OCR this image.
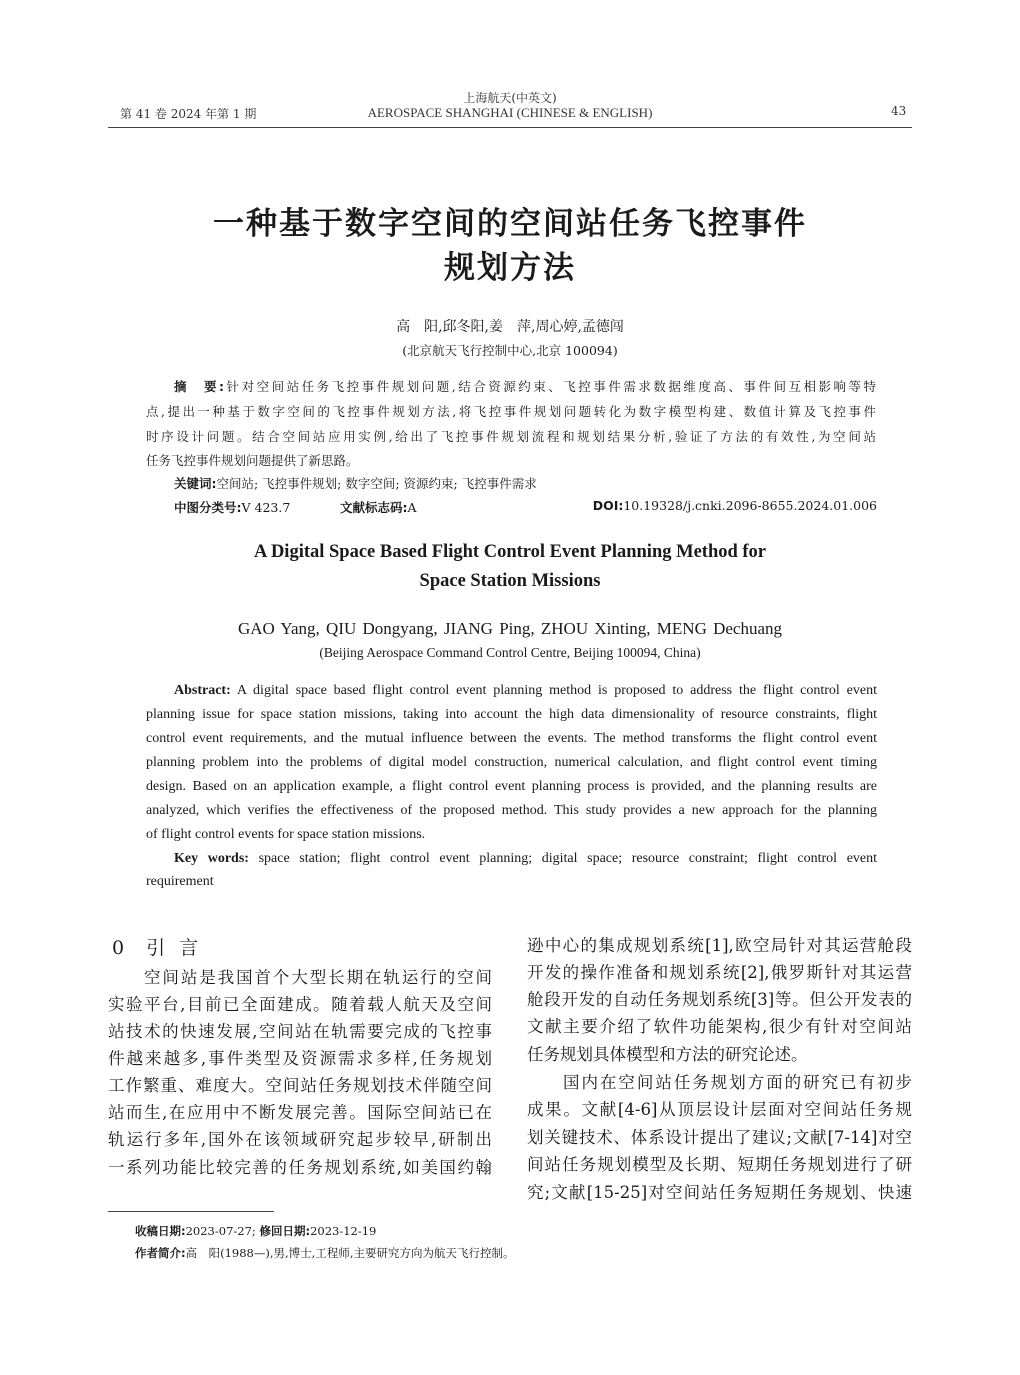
第 41 卷 2024 年第 1 期
上海航天(中英文)
AEROSPACE SHANGHAI (CHINESE & ENGLISH)	43
一种基于数字空间的空间站任务飞控事件
规划方法
高　阳,邱冬阳,姜　萍,周心婷,孟德闯
(北京航天飞行控制中心,北京 100094)
摘　要:针对空间站任务飞控事件规划问题,结合资源约束、飞控事件需求数据维度高、事件间互相影响等特
点,提出一种基于数字空间的飞控事件规划方法,将飞控事件规划问题转化为数字模型构建、数值计算及飞控事件
时序设计问题。结合空间站应用实例,给出了飞控事件规划流程和规划结果分析,验证了方法的有效性,为空间站
任务飞控事件规划问题提供了新思路。
关键词:空间站; 飞控事件规划; 数字空间; 资源约束; 飞控事件需求
中图分类号:V 423.7	文献标志码:A	DOI:10.19328/j.cnki.2096-8655.2024.01.006
A Digital Space Based Flight Control Event Planning Method for
Space Station Missions
GAO Yang, QIU Dongyang, JIANG Ping, ZHOU Xinting, MENG Dechuang
(Beijing Aerospace Command Control Centre, Beijing 100094, China)
Abstract: A digital space based flight control event planning method is proposed to address the flight control event
planning issue for space station missions, taking into account the high data dimensionality of resource constraints, flight
control event requirements, and the mutual influence between the events. The method transforms the flight control event
planning problem into the problems of digital model construction, numerical calculation, and flight control event timing
design. Based on an application example, a flight control event planning process is provided, and the planning results are
analyzed, which verifies the effectiveness of the proposed method. This study provides a new approach for the planning
of flight control events for space station missions.
Key words: space station; flight control event planning; digital space; resource constraint; flight control event
requirement
0 引 言
空间站是我国首个大型长期在轨运行的空间
实验平台,目前已全面建成。随着载人航天及空间
站技术的快速发展,空间站在轨需要完成的飞控事
件越来越多,事件类型及资源需求多样,任务规划
工作繁重、难度大。空间站任务规划技术伴随空间
站而生,在应用中不断发展完善。国际空间站已在
轨运行多年,国外在该领域研究起步较早,研制出
一系列功能比较完善的任务规划系统,如美国约翰
逊中心的集成规划系统[1],欧空局针对其运营舱段
开发的操作准备和规划系统[2],俄罗斯针对其运营
舱段开发的自动任务规划系统[3]等。但公开发表的
文献主要介绍了软件功能架构,很少有针对空间站
任务规划具体模型和方法的研究论述。
国内在空间站任务规划方面的研究已有初步
成果。文献[4-6]从顶层设计层面对空间站任务规
划关键技术、体系设计提出了建议;文献[7-14]对空
间站任务规划模型及长期、短期任务规划进行了研
究;文献[15-25]对空间站任务短期任务规划、快速
收稿日期:2023-07-27; 修回日期:2023-12-19
作者简介:高　阳(1988—),男,博士,工程师,主要研究方向为航天飞行控制。
